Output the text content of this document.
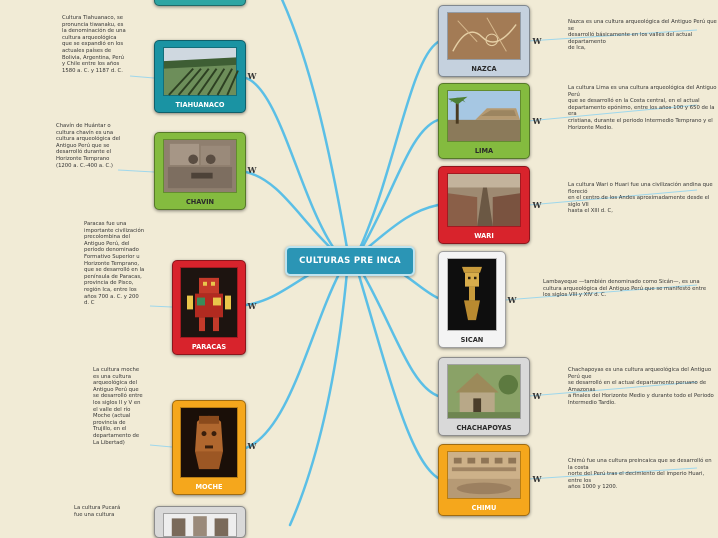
CULTURAS PRE INCA
TIAHUANACO
W
Cultura Tiahuanaco, se
pronuncia tiwanaku, es
la denominación de una
cultura arqueológica
que se expandió en los
actuales países de
Bolivia, Argentina, Perú
y Chile entre los años
1580 a. C. y 1187 d. C.
CHAVIN
W
Chavín de Huántar o
cultura chavín es una
cultura arqueológica del
Antiguo Perú que se
desarrolló durante el
Horizonte Temprano
(1200 a. C.-400 a. C.)
PARACAS
W
Paracas fue una
importante civilización
precolombina del
Antiguo Perú, del
período denominado
Formativo Superior u
Horizonte Temprano,
que se desarrolló en la
península de Paracas,
provincia de Pisco,
región Ica, entre los
años 700 a. C. y 200
d. C
MOCHE
W
La cultura moche
es una cultura
arqueológica del
Antiguo Perú que
se desarrolló entre
los siglos II y V en
el valle del río
Moche (actual
provincia de
Trujillo, en el
departamento de
La Libertad)
La cultura Pucará
fue una cultura
NAZCA
W
Nazca es una cultura arqueológica del Antiguo Perú que se
desarrolló básicamente en los valles del actual departamento
de Ica,
LIMA
W
La cultura Lima es una cultura arqueológica del Antiguo Perú
que se desarrolló en la Costa central, en el actual
departamento epónimo, entre los años 100 y 650 de la era
cristiana, durante el periodo Intermedio Temprano y el
Horizonte Medio.
WARI
W
La cultura Wari o Huari fue una civilización andina que floreció
en el centro de los Andes aproximadamente desde el siglo VII
hasta el XIII d. C,
SICAN
W
Lambayeque —también denominado como Sicán—, es una
cultura arqueológica del Antiguo Perú que se manifestó entre
los siglos VIII y XIV d. C.
CHACHAPOYAS
W
Chachapoyas es una cultura arqueológica del Antiguo Perú que
se desarrolló en el actual departamento peruano de Amazonas
a finales del Horizonte Medio y durante todo el Periodo
Intermedio Tardío.
CHIMU
W
Chimú fue una cultura preincaica que se desarrolló en la costa
norte del Perú tras el decimiento del imperio Huari, entre los
años 1000 y 1200.
